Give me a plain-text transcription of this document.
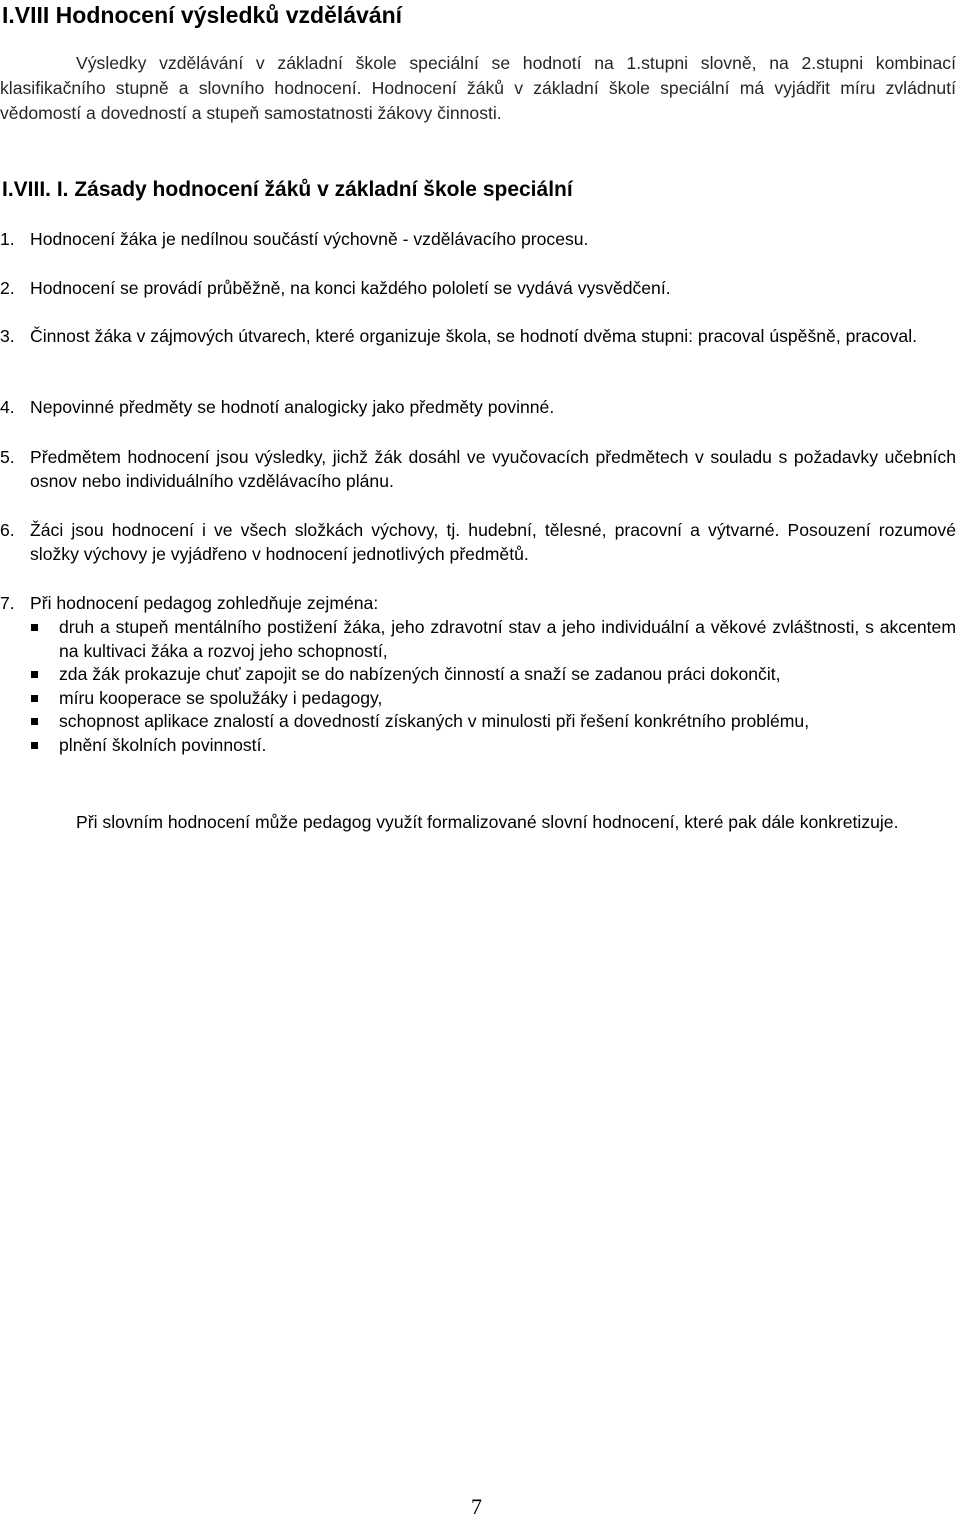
I.VIII Hodnocení výsledků vzdělávání

Výsledky vzdělávání v základní škole speciální se hodnotí na 1.stupni slovně, na 2.stupni kombinací klasifikačního stupně a slovního hodnocení. Hodnocení žáků v základní škole speciální má vyjádřit míru zvládnutí vědomostí a dovedností a stupeň samostatnosti žákovy činnosti.

I.VIII. I. Zásady hodnocení žáků v základní škole speciální
1. Hodnocení žáka je nedílnou součástí výchovně - vzdělávacího procesu.
2. Hodnocení se provádí průběžně, na konci každého pololetí se vydává vysvědčení.
3. Činnost žáka v zájmových útvarech, které organizuje škola, se hodnotí dvěma stupni: pracoval úspěšně, pracoval.
4. Nepovinné předměty se hodnotí analogicky jako předměty povinné.
5. Předmětem hodnocení jsou výsledky, jichž žák dosáhl ve vyučovacích předmětech v souladu s požadavky učebních osnov nebo individuálního vzdělávacího plánu.
6. Žáci jsou hodnocení i ve všech složkách výchovy, tj. hudební, tělesné, pracovní a výtvarné. Posouzení rozumové složky výchovy je vyjádřeno v hodnocení jednotlivých předmětů.
7. Při hodnocení pedagog zohledňuje zejména:
druh a stupeň mentálního postižení žáka, jeho zdravotní stav a jeho individuální a věkové zvláštnosti, s akcentem na kultivaci žáka a rozvoj jeho schopností,
zda žák prokazuje chuť zapojit se do nabízených činností a snaží se zadanou práci dokončit,
míru kooperace se spolužáky i pedagogy,
schopnost aplikace znalostí a dovedností získaných v minulosti při řešení konkrétního problému,
plnění školních povinností.

Při slovním hodnocení může pedagog využít formalizované slovní hodnocení, které pak dále konkretizuje.

7
